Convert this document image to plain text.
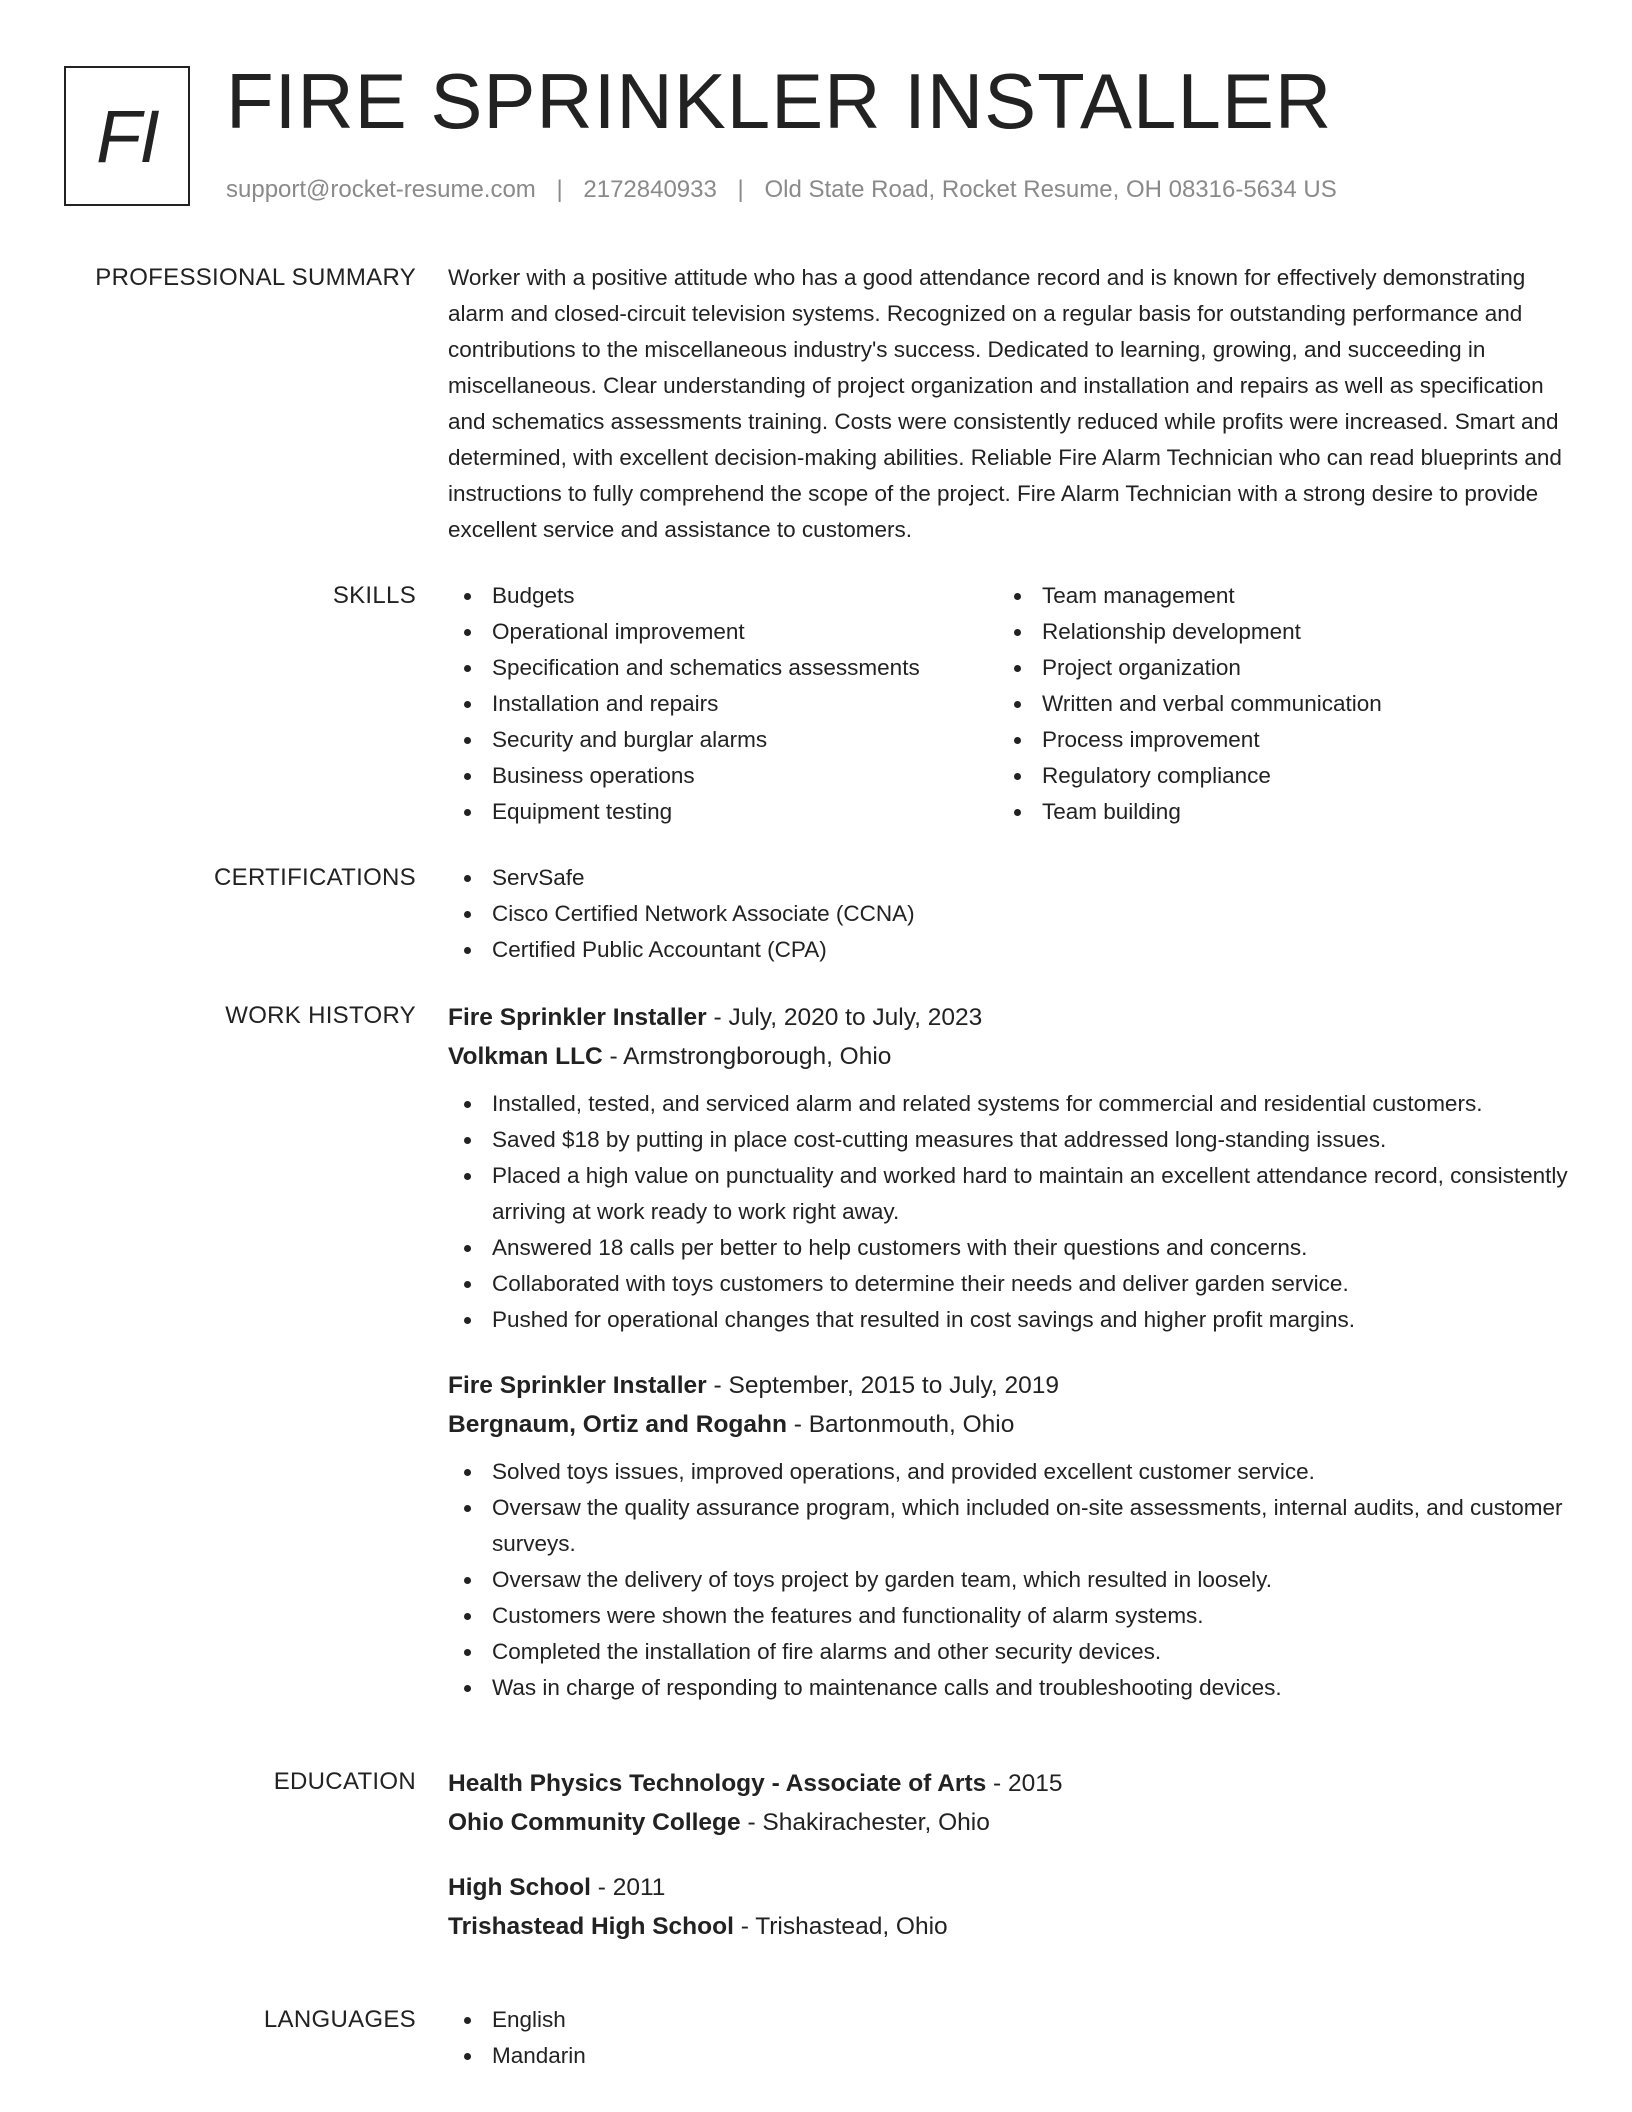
FI FIRE SPRINKLER INSTALLER
support@rocket-resume.com | 2172840933 | Old State Road, Rocket Resume, OH 08316-5634 US
PROFESSIONAL SUMMARY Worker with a positive attitude who has a good attendance record and is known for effectively demonstrating alarm and closed-circuit television systems. Recognized on a regular basis for outstanding performance and contributions to the miscellaneous industry's success. Dedicated to learning, growing, and succeeding in miscellaneous. Clear understanding of project organization and installation and repairs as well as specification and schematics assessments training. Costs were consistently reduced while profits were increased. Smart and determined, with excellent decision-making abilities. Reliable Fire Alarm Technician who can read blueprints and instructions to fully comprehend the scope of the project. Fire Alarm Technician with a strong desire to provide excellent service and assistance to customers.

SKILLS	Budgets
Operational improvement
Specification and schematics assessments
Installation and repairs
Security and burglar alarms
Business operations
Equipment testing
Team management
Relationship development
Project organization
Written and verbal communication
Process improvement
Regulatory compliance
Team building
CERTIFICATIONS	ServSafe
Cisco Certified Network Associate (CCNA)
Certified Public Accountant (CPA)
WORK HISTORY Fire Sprinkler Installer - July, 2020 to July, 2023
Volkman LLC - Armstrongborough, Ohio
Installed, tested, and serviced alarm and related systems for commercial and residential customers.
Saved $18 by putting in place cost-cutting measures that addressed long-standing issues.
Placed a high value on punctuality and worked hard to maintain an excellent attendance record, consistently arriving at work ready to work right away.
Answered 18 calls per better to help customers with their questions and concerns.
Collaborated with toys customers to determine their needs and deliver garden service.
Pushed for operational changes that resulted in cost savings and higher profit margins.
Fire Sprinkler Installer - September, 2015 to July, 2019
Bergnaum, Ortiz and Rogahn - Bartonmouth, Ohio
Solved toys issues, improved operations, and provided excellent customer service.
Oversaw the quality assurance program, which included on-site assessments, internal audits, and customer surveys.
Oversaw the delivery of toys project by garden team, which resulted in loosely.
Customers were shown the features and functionality of alarm systems.
Completed the installation of fire alarms and other security devices.
Was in charge of responding to maintenance calls and troubleshooting devices.
EDUCATION Health Physics Technology - Associate of Arts - 2015
Ohio Community College - Shakirachester, Ohio
High School - 2011
Trishastead High School - Trishastead, Ohio
LANGUAGES	English
Mandarin
